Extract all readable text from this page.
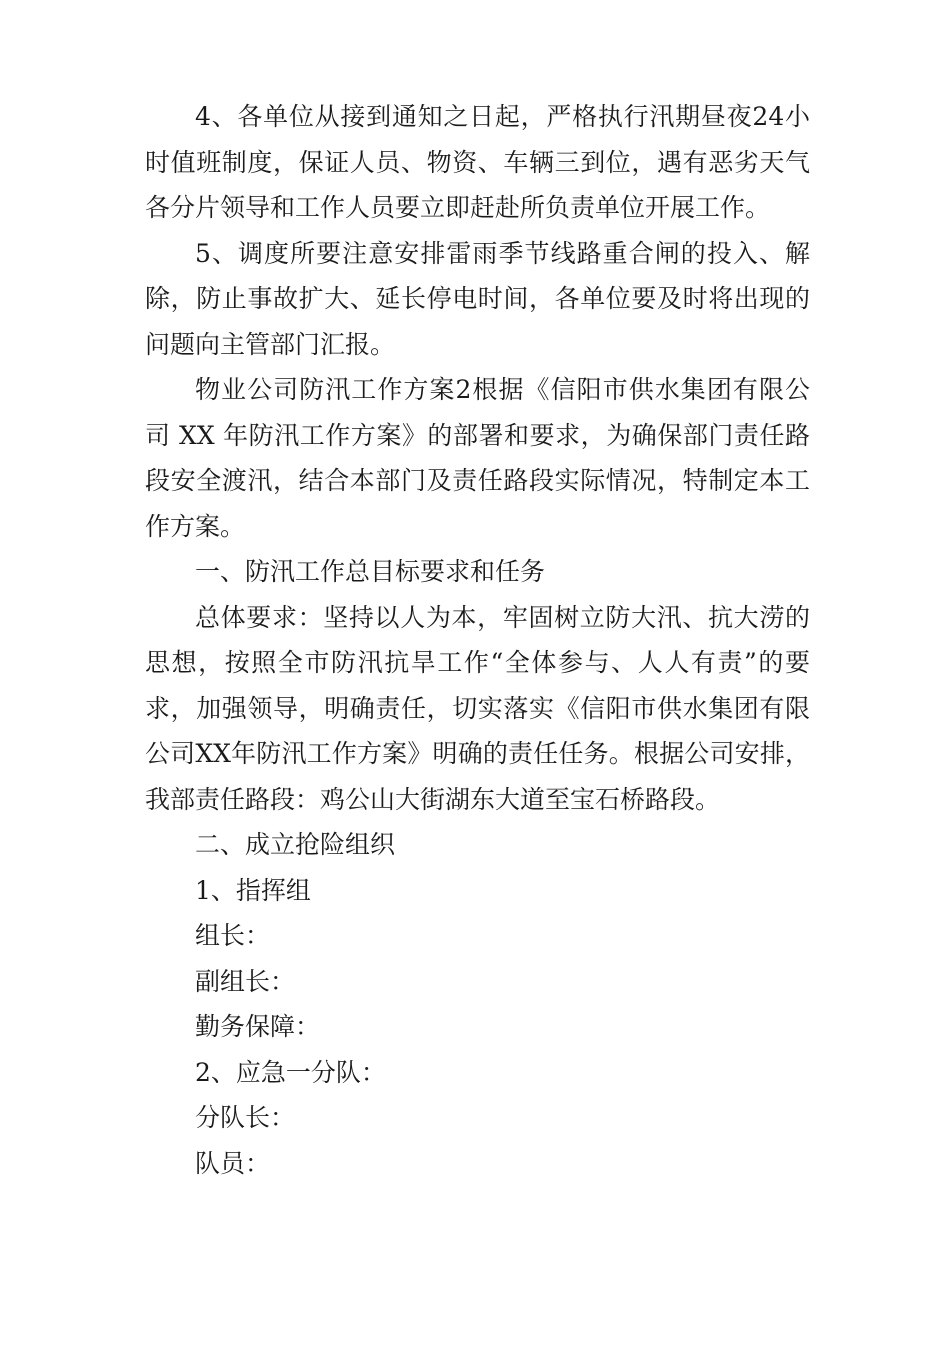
4、各单位从接到通知之日起，严格执行汛期昼夜24小
时值班制度，保证人员、物资、车辆三到位，遇有恶劣天气
各分片领导和工作人员要立即赶赴所负责单位开展工作。
5、调度所要注意安排雷雨季节线路重合闸的投入、解
除，防止事故扩大、延长停电时间，各单位要及时将出现的
问题向主管部门汇报。
物业公司防汛工作方案2根据《信阳市供水集团有限公
司 XX 年防汛工作方案》的部署和要求，为确保部门责任路
段安全渡汛，结合本部门及责任路段实际情况，特制定本工
作方案。
一、防汛工作总目标要求和任务
总体要求：坚持以人为本，牢固树立防大汛、抗大涝的
思想，按照全市防汛抗旱工作“全体参与、人人有责”的要
求，加强领导，明确责任，切实落实《信阳市供水集团有限
公司XX年防汛工作方案》明确的责任任务。根据公司安排，
我部责任路段：鸡公山大街湖东大道至宝石桥路段。
二、成立抢险组织
1、指挥组
组长：
副组长：
勤务保障：
2、应急一分队：
分队长：
队员：
